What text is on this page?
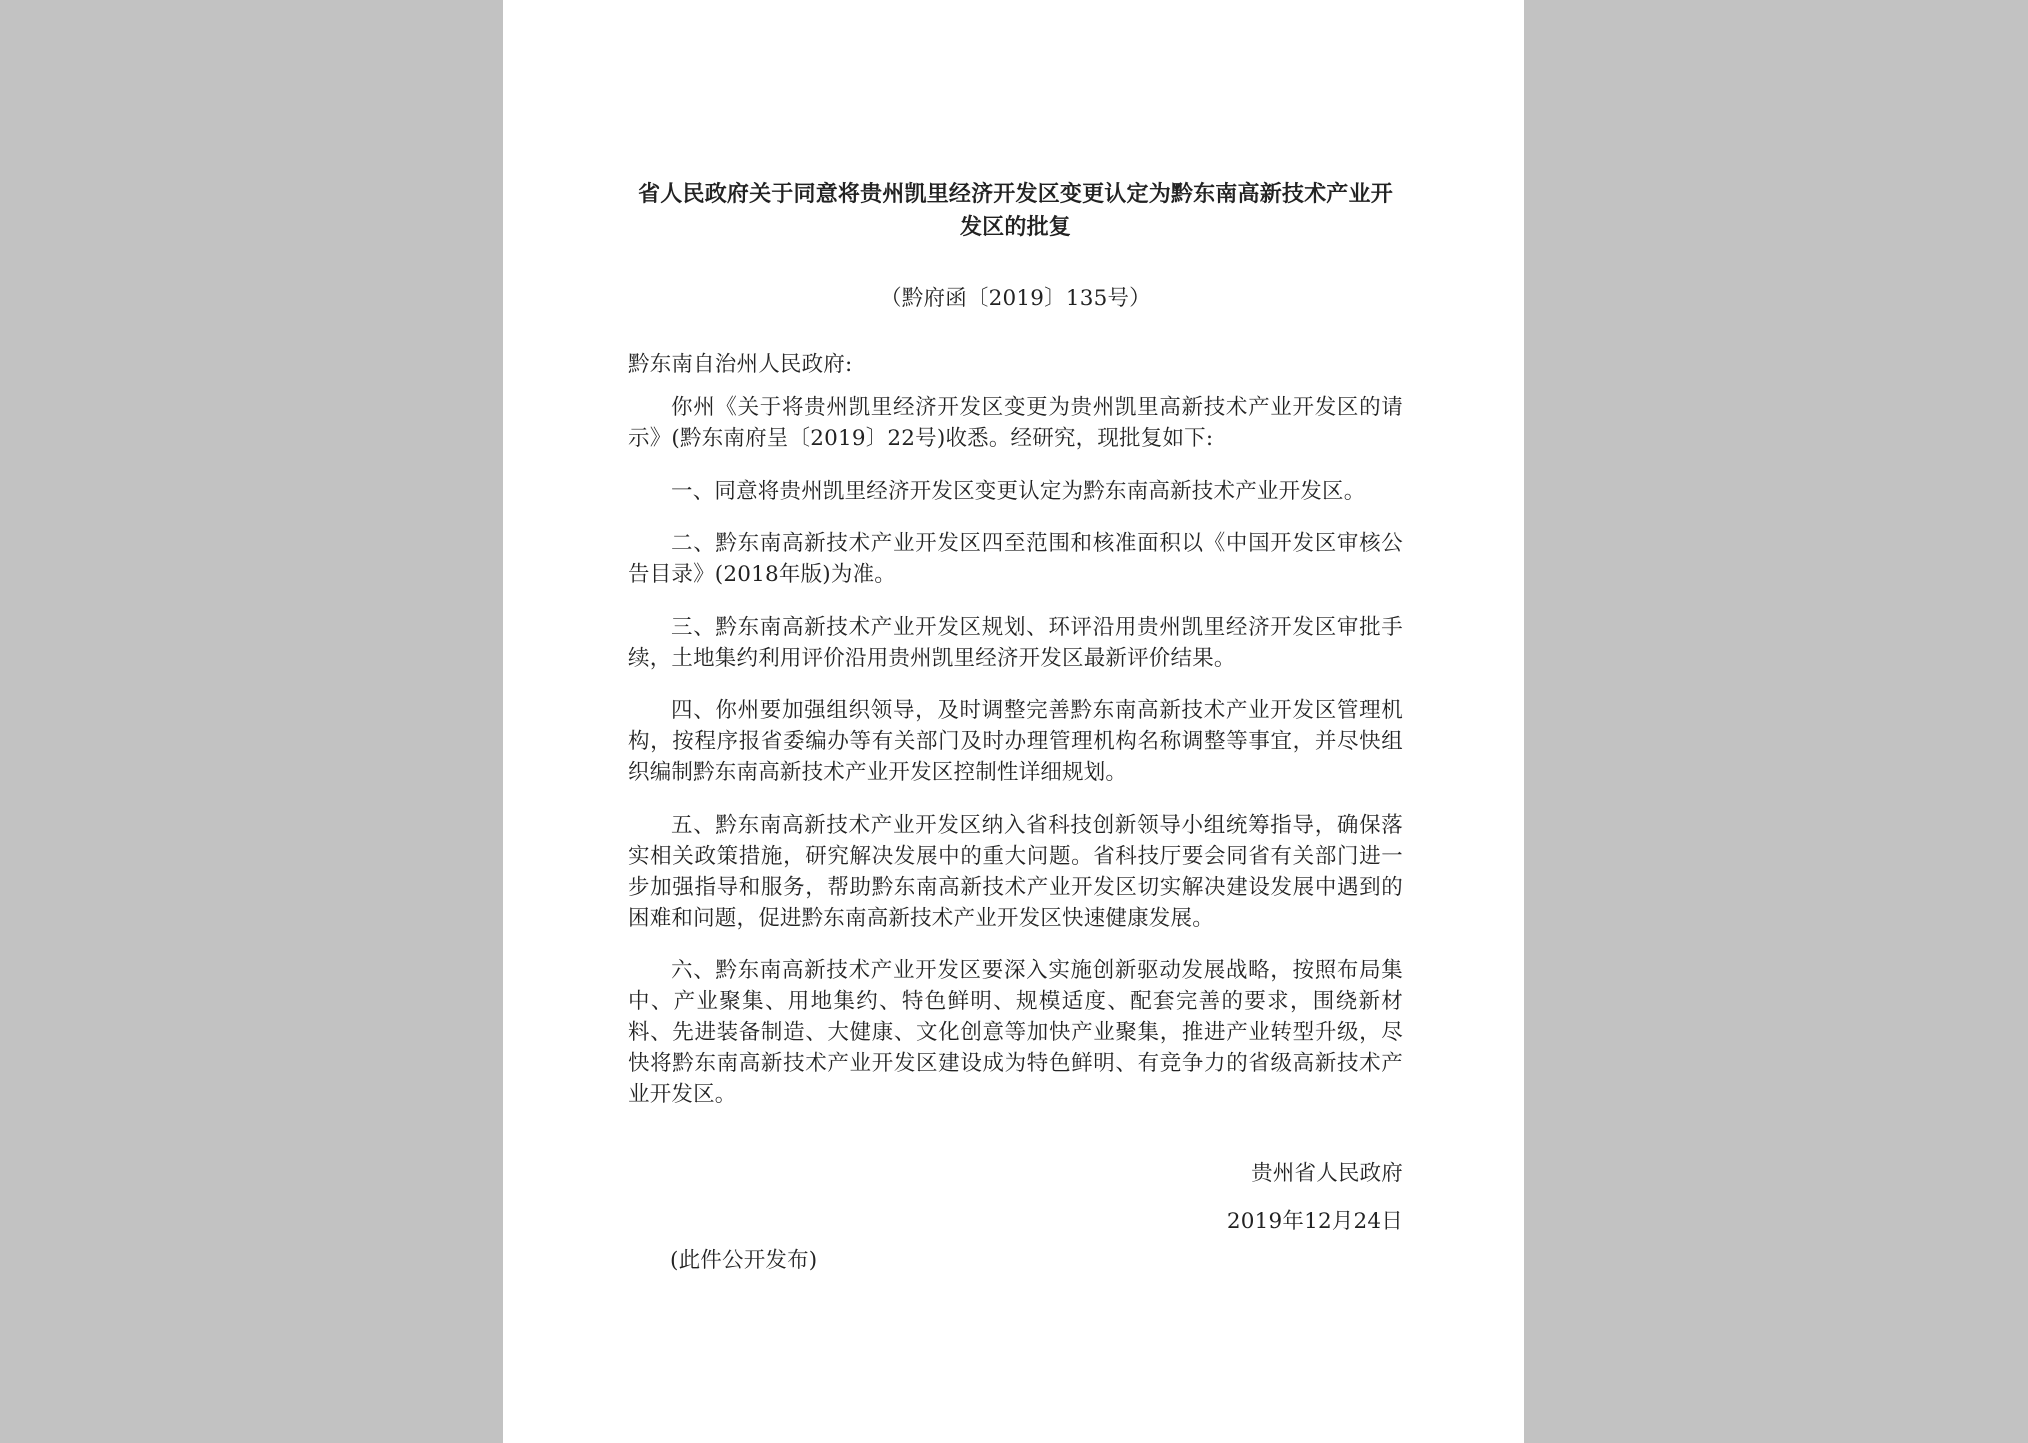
省人民政府关于同意将贵州凯里经济开发区变更认定为黔东南高新技术产业开发区的批复
（黔府函〔2019〕135号）
黔东南自治州人民政府:

你州《关于将贵州凯里经济开发区变更为贵州凯里高新技术产业开发区的请示》(黔东南府呈〔2019〕22号)收悉。经研究，现批复如下:

一、同意将贵州凯里经济开发区变更认定为黔东南高新技术产业开发区。

二、黔东南高新技术产业开发区四至范围和核准面积以《中国开发区审核公告目录》(2018年版)为准。

三、黔东南高新技术产业开发区规划、环评沿用贵州凯里经济开发区审批手续，土地集约利用评价沿用贵州凯里经济开发区最新评价结果。

四、你州要加强组织领导，及时调整完善黔东南高新技术产业开发区管理机构，按程序报省委编办等有关部门及时办理管理机构名称调整等事宜，并尽快组织编制黔东南高新技术产业开发区控制性详细规划。

五、黔东南高新技术产业开发区纳入省科技创新领导小组统筹指导，确保落实相关政策措施，研究解决发展中的重大问题。省科技厅要会同省有关部门进一步加强指导和服务，帮助黔东南高新技术产业开发区切实解决建设发展中遇到的困难和问题，促进黔东南高新技术产业开发区快速健康发展。

六、黔东南高新技术产业开发区要深入实施创新驱动发展战略，按照布局集中、产业聚集、用地集约、特色鲜明、规模适度、配套完善的要求，围绕新材料、先进装备制造、大健康、文化创意等加快产业聚集，推进产业转型升级，尽快将黔东南高新技术产业开发区建设成为特色鲜明、有竞争力的省级高新技术产业开发区。

贵州省人民政府
2019年12月24日
(此件公开发布)
